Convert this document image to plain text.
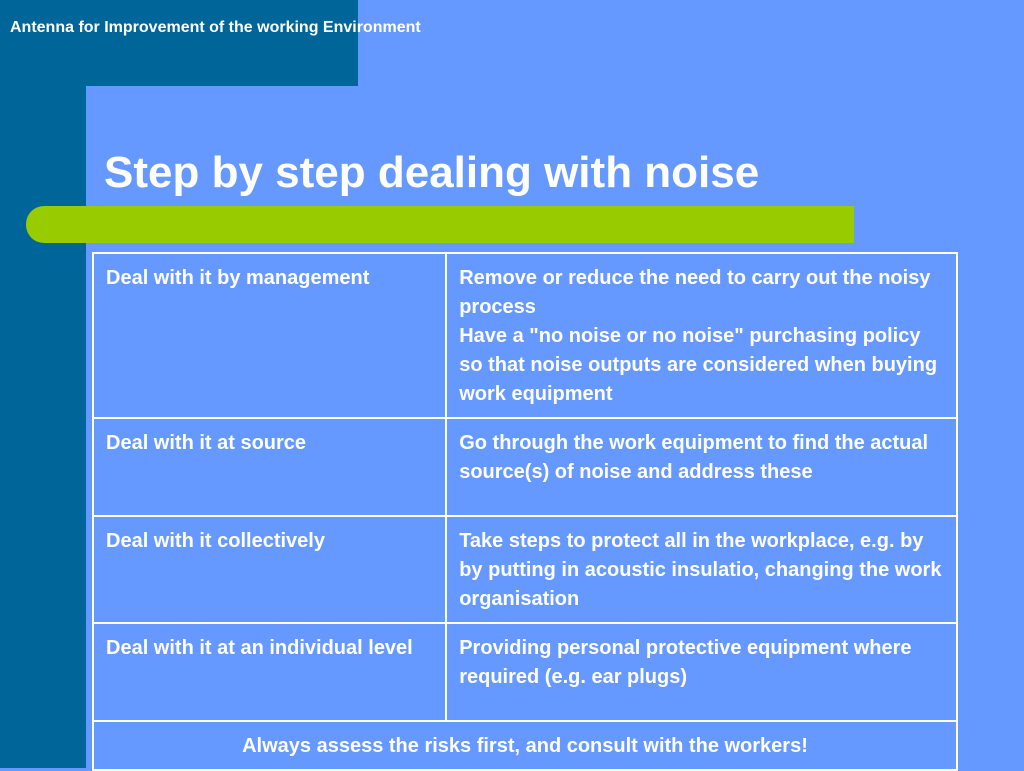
Antenna for Improvement of the working Environment
Step by step dealing with noise
Deal with it by management	Remove or reduce the need to carry out the noisy process
Have a "no noise or no noise" purchasing policy so that noise outputs are considered when buying work equipment

Deal with it at source	Go through the work equipment to find the actual source(s) of noise and address these

Deal with it collectively	Take steps to protect all in the workplace, e.g. by by putting in acoustic insulatio, changing the work organisation

Deal with it at an individual level	Providing personal protective equipment where required (e.g. ear plugs)

Always assess the risks first, and consult with the workers!	
